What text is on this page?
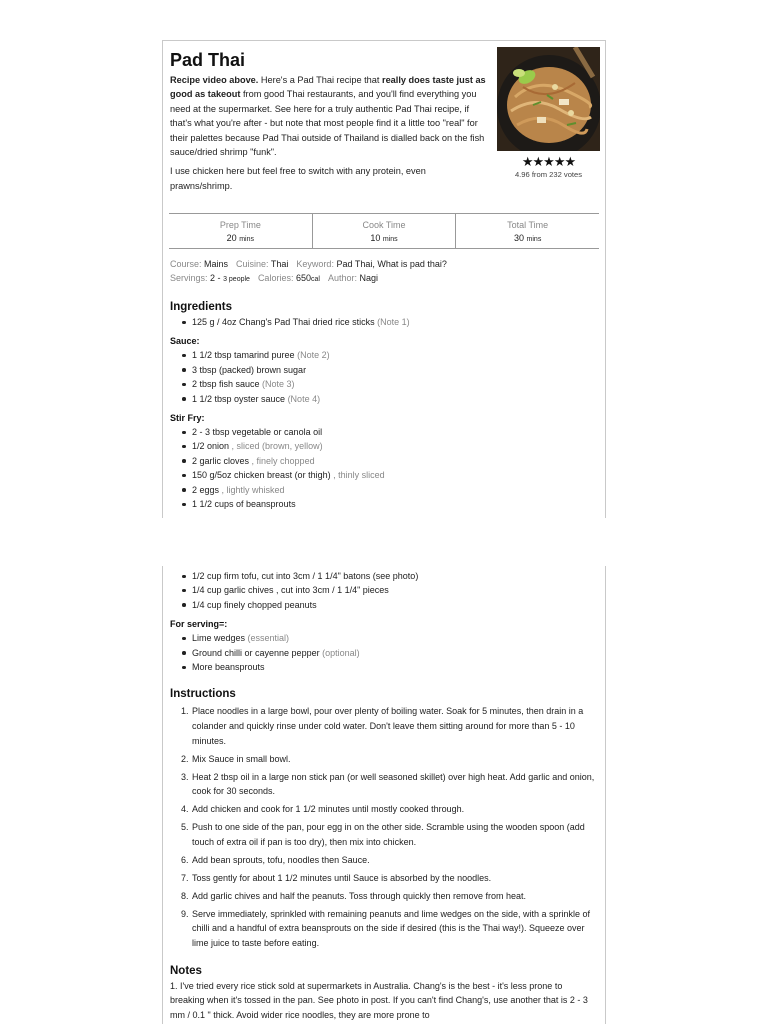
Pad Thai

Recipe video above. Here's a Pad Thai recipe that really does taste just as good as takeout from good Thai restaurants, and you'll find everything you need at the supermarket. See here for a truly authentic Pad Thai recipe, if that's what you're after - but note that most people find it a little too "real" for their palettes because Pad Thai outside of Thailand is dialled back on the fish sauce/dried shrimp "funk".

I use chicken here but feel free to switch with any protein, even prawns/shrimp.

★★★★★
4.96 from 232 votes
Prep Time
20 mins
Cook Time
10 mins
Total Time
30 mins
Course: Mains Cuisine: Thai Keyword: Pad Thai, What is pad thai?
Servings: 2 - 3 people Calories: 650cal Author: Nagi
Ingredients
125 g / 4oz Chang's Pad Thai dried rice sticks (Note 1)
Sauce:
1 1/2 tbsp tamarind puree (Note 2)
3 tbsp (packed) brown sugar
2 tbsp fish sauce (Note 3)
1 1/2 tbsp oyster sauce (Note 4)
Stir Fry:
2 - 3 tbsp vegetable or canola oil
1/2 onion , sliced (brown, yellow)
2 garlic cloves , finely chopped
150 g/5oz chicken breast (or thigh) , thinly sliced
2 eggs , lightly whisked
1 1/2 cups of beansprouts
1/2 cup firm tofu, cut into 3cm / 1 1/4" batons (see photo)
1/4 cup garlic chives , cut into 3cm / 1 1/4" pieces
1/4 cup finely chopped peanuts
For serving=:
Lime wedges (essential)
Ground chilli or cayenne pepper (optional)
More beansprouts
Instructions
1. Place noodles in a large bowl, pour over plenty of boiling water. Soak for 5 minutes, then drain in a colander and quickly rinse under cold water. Don't leave them sitting around for more than 5 - 10 minutes.
2. Mix Sauce in small bowl.
3. Heat 2 tbsp oil in a large non stick pan (or well seasoned skillet) over high heat. Add garlic and onion, cook for 30 seconds.
4. Add chicken and cook for 1 1/2 minutes until mostly cooked through.
5. Push to one side of the pan, pour egg in on the other side. Scramble using the wooden spoon (add touch of extra oil if pan is too dry), then mix into chicken.
6. Add bean sprouts, tofu, noodles then Sauce.
7. Toss gently for about 1 1/2 minutes until Sauce is absorbed by the noodles.
8. Add garlic chives and half the peanuts. Toss through quickly then remove from heat.
9. Serve immediately, sprinkled with remaining peanuts and lime wedges on the side, with a sprinkle of chilli and a handful of extra beansprouts on the side if desired (this is the Thai way!). Squeeze over lime juice to taste before eating.
Notes

1. I've tried every rice stick sold at supermarkets in Australia. Chang's is the best - it's less prone to breaking when it's tossed in the pan. See photo in post. If you can't find Chang's, use another that is 2 - 3 mm / 0.1 " thick. Avoid wider rice noodles, they are more prone to
